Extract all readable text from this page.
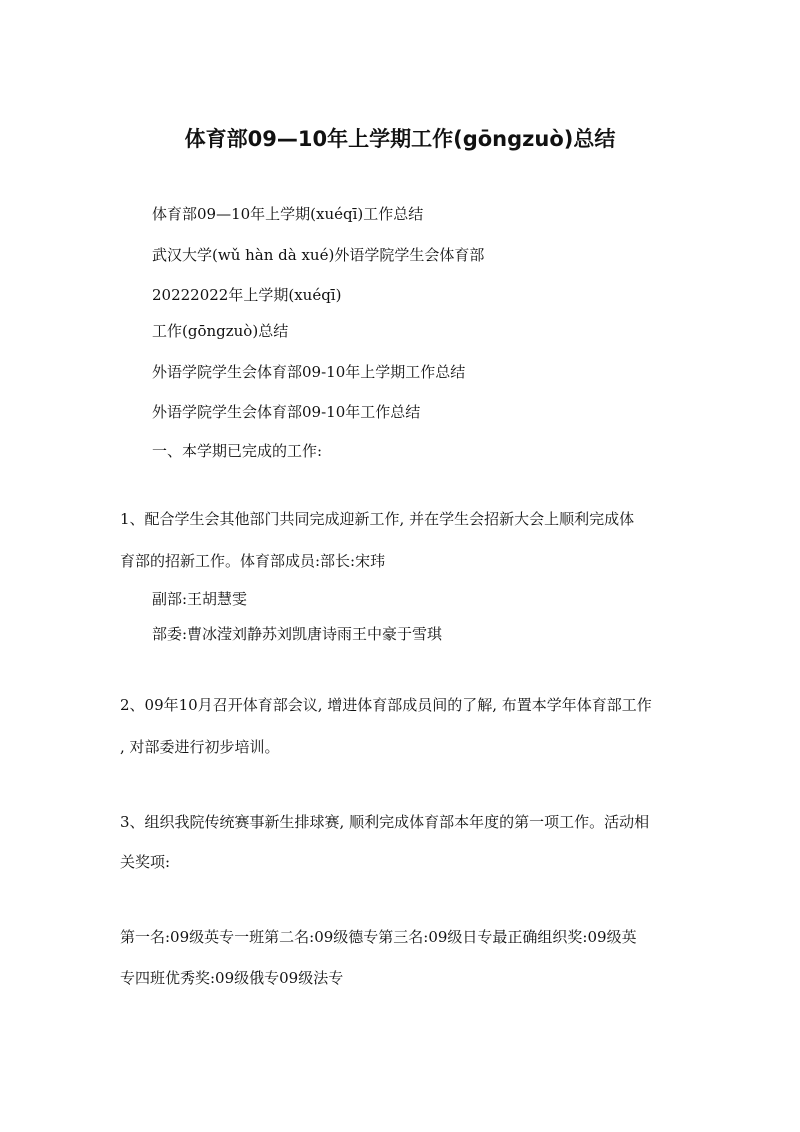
体育部09—10年上学期工作(gōngzuò)总结
体育部09—10年上学期(xuéqī)工作总结
武汉大学(wǔ hàn dà xué)外语学院学生会体育部
20222022年上学期(xuéqī)
工作(gōngzuò)总结
外语学院学生会体育部09-10年上学期工作总结
外语学院学生会体育部09-10年工作总结
一、本学期已完成的工作:
1、配合学生会其他部门共同完成迎新工作, 并在学生会招新大会上顺利完成体
育部的招新工作。体育部成员:部长:宋玮
副部:王胡慧雯
部委:曹冰滢刘静苏刘凯唐诗雨王中豪于雪琪
2、09年10月召开体育部会议, 增进体育部成员间的了解, 布置本学年体育部工作
, 对部委进行初步培训。
3、组织我院传统赛事新生排球赛, 顺利完成体育部本年度的第一项工作。活动相
关奖项:
第一名:09级英专一班第二名:09级德专第三名:09级日专最正确组织奖:09级英
专四班优秀奖:09级俄专09级法专
